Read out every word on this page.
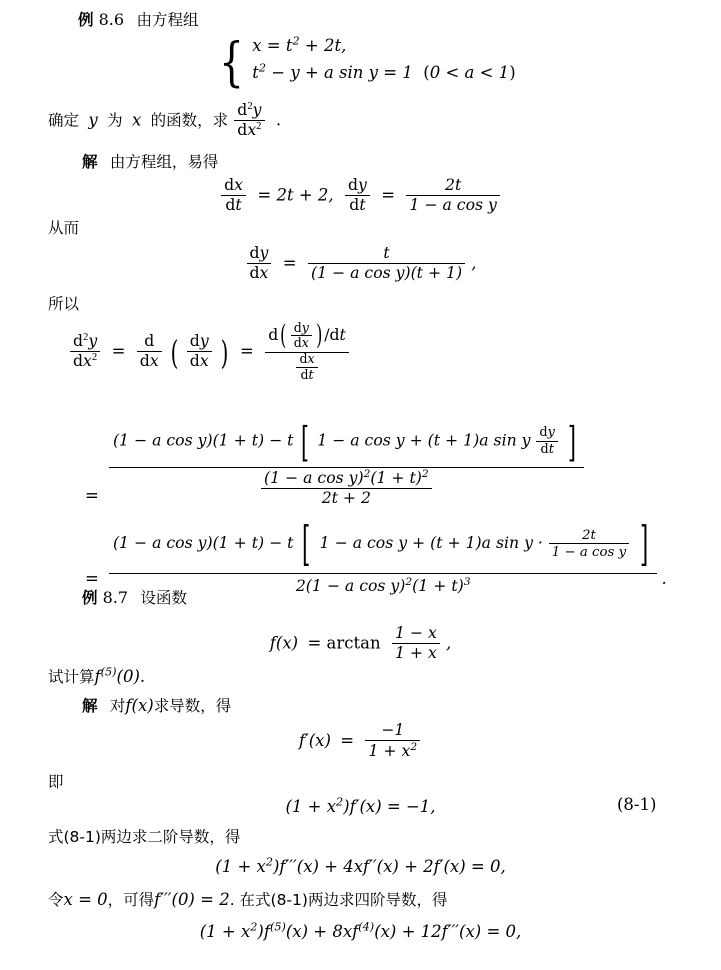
例 8.6 由方程组
{ $x = t^2 + 2t$,
$t^2 - y + a$ sin y = 1  (0 < a < 1)
确定  y  为  x  的函数，求 $\frac{d^2y}{dx^2}$ .
解 由方程组，易得
$\frac{dx}{dt} = 2t + 2$, $\frac{dy}{dt} = \frac{2t}{\text{1 − a cos y}}$
从而
$\frac{dy}{dx} = \frac{t}{\text{(1 − a cos y)(t + 1)}}$ ,
所以
$\frac{d^2y}{dx^2} = \frac{d}{dx}$ ( $\frac{dy}{dx}$ )  = $\frac{d( \frac{dy}{dx} ) /dt}{\frac{dx}{dt}}$
=
(1 − a cos y)(1 + t) − t [ 1 − a cos y + (t + 1)a sin y $\frac{dy}{dt}$ ]
$\frac{(1 - a \cos y)^2(1 + t)^2}{2t + 2}$
=
(1 − a cos y)(1 + t) − t [ 1 − a cos y + (t + 1)a $\sin y \cdot \frac{2t}{\text{1 − a cos y}}$ ]
2(1 − a $\cos y)^2(1 + t)^3$	.
例 8.7 设函数
$f(x) = \arctan \frac{1 - x}{1 + x}$ ,
试计算$f^{(5)}(0)$.
解 对f(x)求导数，得
$f'(x) = \frac{-1}{1 + x^2}$
即
$(1 + x^2)f'(x) = -1$,	(8-1)
式(8-1)两边求二阶导数，得
$(1 + x^2)f'''(x) + 4xf''(x) + 2f'(x) = 0$,
令x = 0，可得f′′′(0) = 2. 在式(8-1)两边求四阶导数，得
$(1 + x^2)f^{(5)}(x) + 8xf^{(4)}(x) + 12f'''(x) = 0$,
